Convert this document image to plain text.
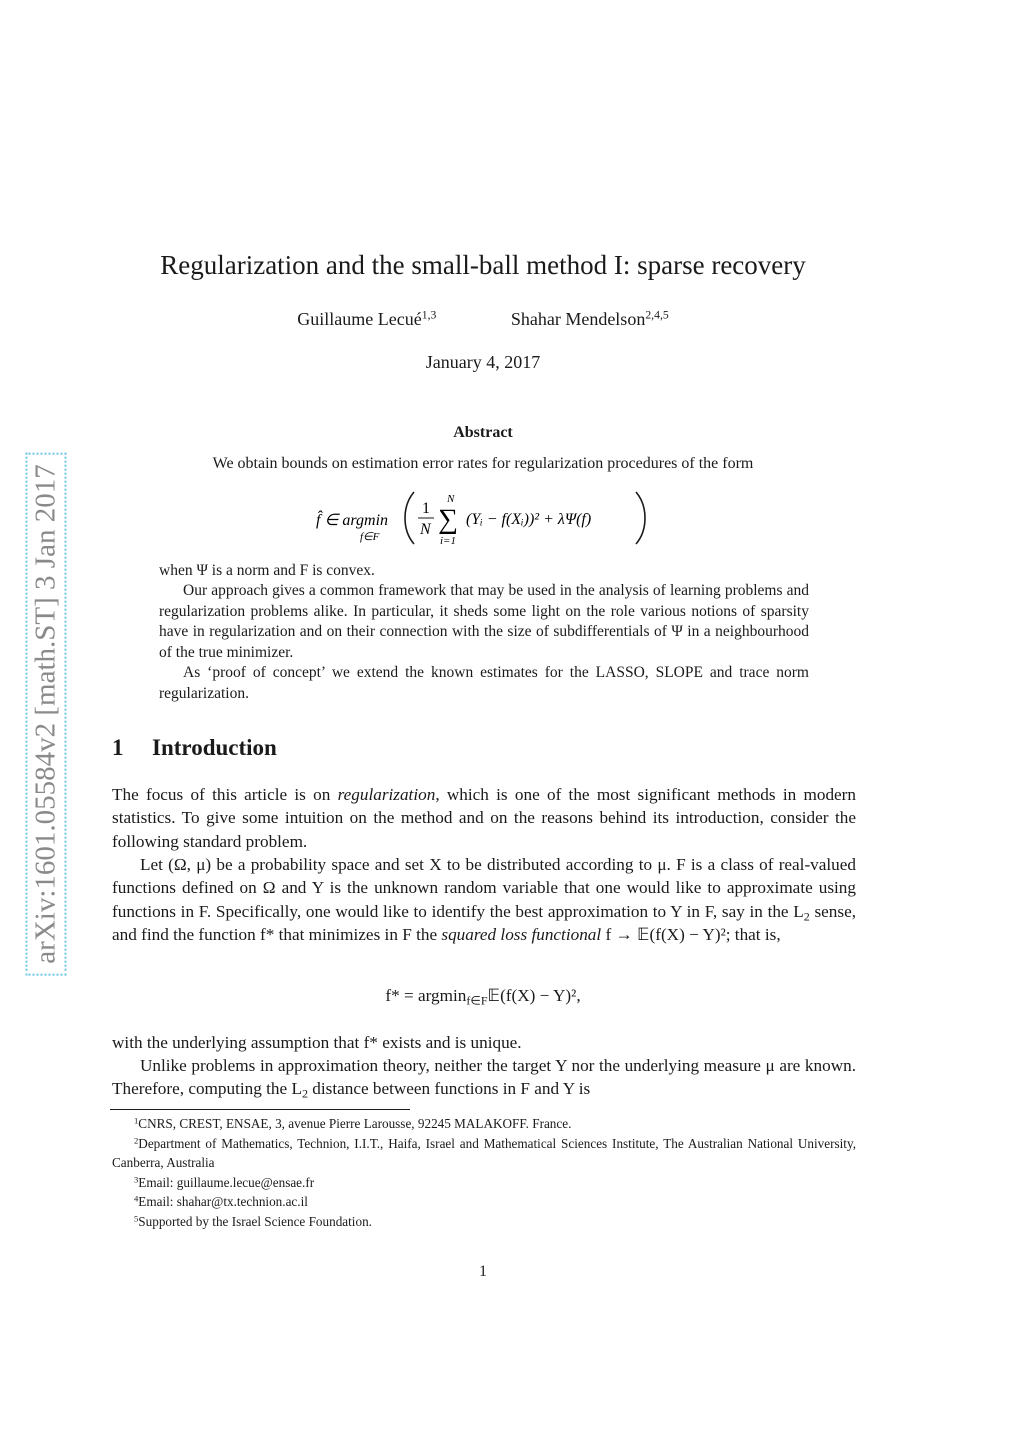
arXiv:1601.05584v2 [math.ST] 3 Jan 2017
Regularization and the small-ball method I: sparse recovery
Guillaume Lecué$^{1,3}$	Shahar Mendelson$^{2,4,5}$
January 4, 2017
Abstract
We obtain bounds on estimation error rates for regularization procedures of the form
f̂ ∈ argmin
f∈F
1
N
N
∑
i=1
(Yᵢ − f(Xᵢ))² + λΨ(f)
when Ψ is a norm and F is convex.
Our approach gives a common framework that may be used in the analysis of learning problems and regularization problems alike. In particular, it sheds some light on the role various notions of sparsity have in regularization and on their connection with the size of subdifferentials of Ψ in a neighbourhood of the true minimizer.
As ‘proof of concept’ we extend the known estimates for the LASSO, SLOPE and trace norm regularization.
1 Introduction
The focus of this article is on regularization, which is one of the most significant methods in modern statistics. To give some intuition on the method and on the reasons behind its introduction, consider the following standard problem.
Let (Ω, μ) be a probability space and set X to be distributed according to μ. F is a class of real-valued functions defined on Ω and Y is the unknown random variable that one would like to approximate using functions in F. Specifically, one would like to identify the best approximation to Y in F, say in the $L_2$ sense, and find the function f* that minimizes in F the squared loss functional f → 𝔼(f(X) − Y)²; that is,
f* = argmin$_{f\in F}$𝔼(f(X) − Y)²,
with the underlying assumption that f* exists and is unique.
Unlike problems in approximation theory, neither the target Y nor the underlying measure μ are known. Therefore, computing the $L_2$ distance between functions in F and Y is
$^1$CNRS, CREST, ENSAE, 3, avenue Pierre Larousse, 92245 MALAKOFF. France.
$^2$Department of Mathematics, Technion, I.I.T., Haifa, Israel and Mathematical Sciences Institute, The Australian National University, Canberra, Australia
$^3$Email: guillaume.lecue@ensae.fr
$^4$Email: shahar@tx.technion.ac.il
$^5$Supported by the Israel Science Foundation.
1
